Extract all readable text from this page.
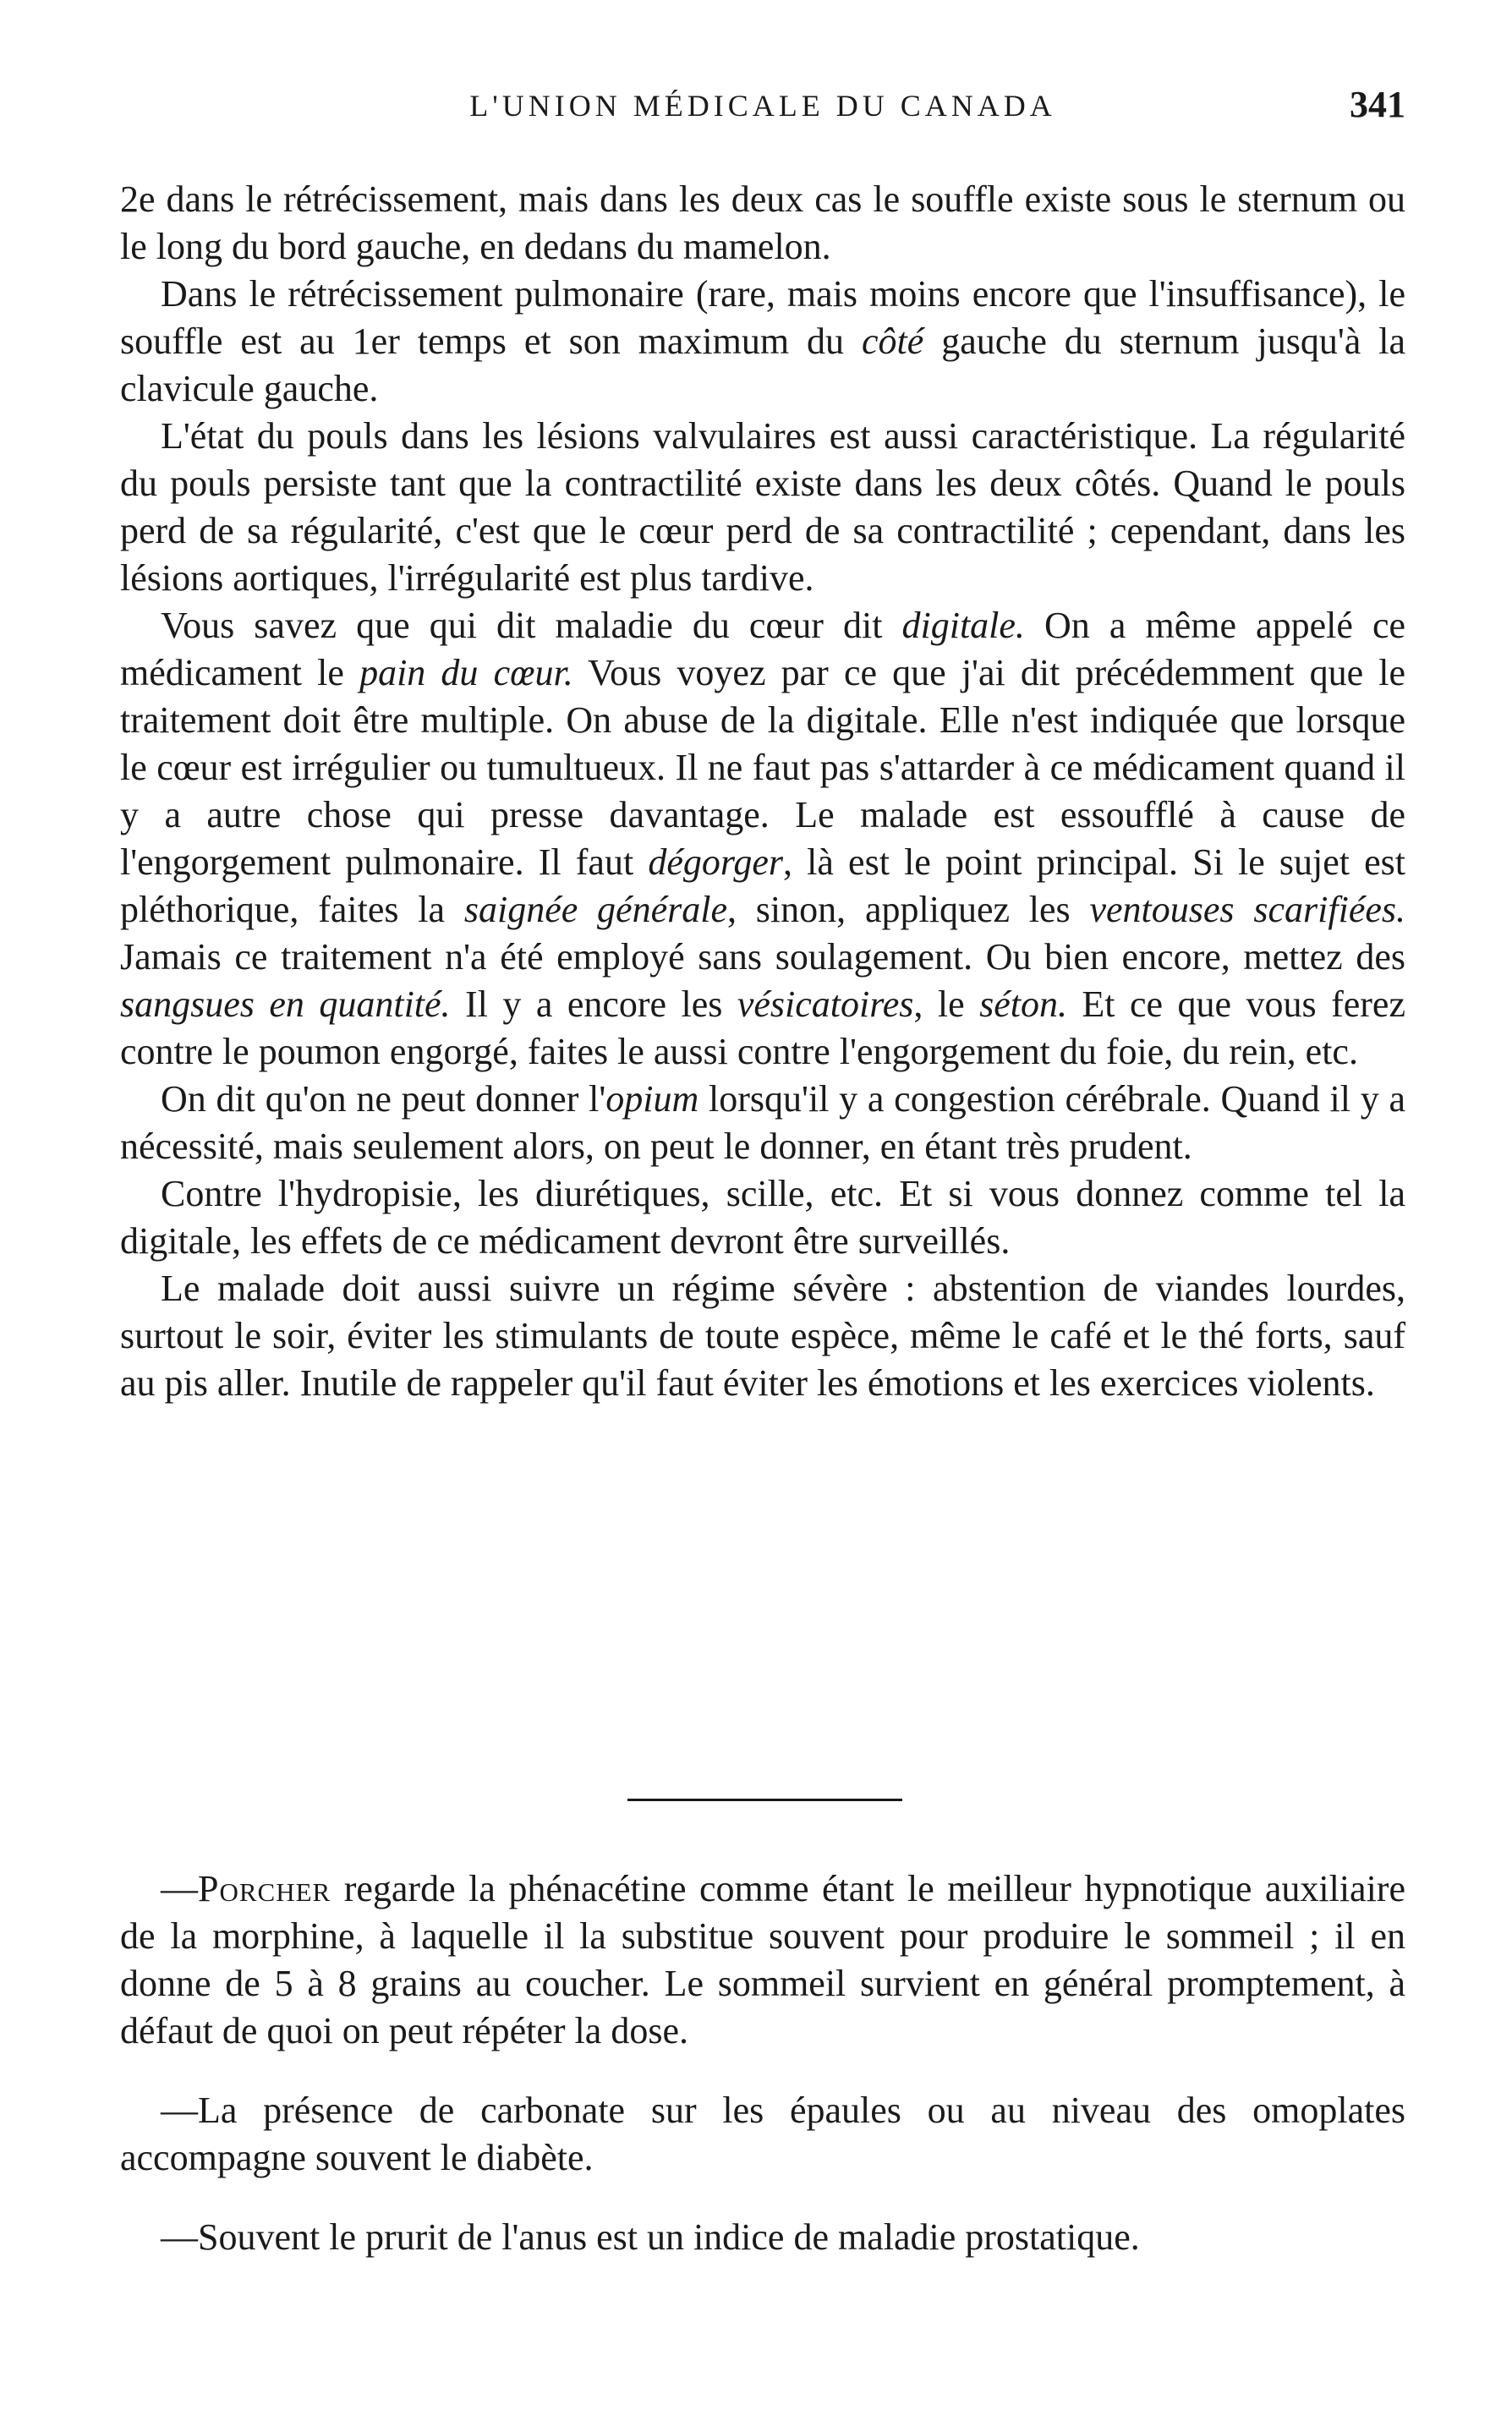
L'UNION MÉDICALE DU CANADA	341

2e dans le rétrécissement, mais dans les deux cas le souffle existe sous le sternum ou le long du bord gauche, en dedans du mamelon.

Dans le rétrécissement pulmonaire (rare, mais moins encore que l'insuffisance), le souffle est au 1er temps et son maximum du côté gauche du sternum jusqu'à la clavicule gauche.

L'état du pouls dans les lésions valvulaires est aussi caractéristique. La régularité du pouls persiste tant que la contractilité existe dans les deux côtés. Quand le pouls perd de sa régularité, c'est que le cœur perd de sa contractilité ; cependant, dans les lésions aortiques, l'irrégularité est plus tardive.

Vous savez que qui dit maladie du cœur dit digitale. On a même appelé ce médicament le pain du cœur. Vous voyez par ce que j'ai dit précédemment que le traitement doit être multiple. On abuse de la digitale. Elle n'est indiquée que lorsque le cœur est irrégulier ou tumultueux. Il ne faut pas s'attarder à ce médicament quand il y a autre chose qui presse davantage. Le malade est essoufflé à cause de l'engorgement pulmonaire. Il faut dégorger, là est le point principal. Si le sujet est pléthorique, faites la saignée générale, sinon, appliquez les ventouses scarifiées. Jamais ce traitement n'a été employé sans soulagement. Ou bien encore, mettez des sangsues en quantité. Il y a encore les vésicatoires, le séton. Et ce que vous ferez contre le poumon engorgé, faites le aussi contre l'engorgement du foie, du rein, etc.

On dit qu'on ne peut donner l'opium lorsqu'il y a congestion cérébrale. Quand il y a nécessité, mais seulement alors, on peut le donner, en étant très prudent.

Contre l'hydropisie, les diurétiques, scille, etc. Et si vous donnez comme tel la digitale, les effets de ce médicament devront être surveillés.

Le malade doit aussi suivre un régime sévère : abstention de viandes lourdes, surtout le soir, éviter les stimulants de toute espèce, même le café et le thé forts, sauf au pis aller. Inutile de rappeler qu'il faut éviter les émotions et les exercices violents.

—Porcher regarde la phénacétine comme étant le meilleur hypnotique auxiliaire de la morphine, à laquelle il la substitue souvent pour produire le sommeil ; il en donne de 5 à 8 grains au coucher. Le sommeil survient en général promptement, à défaut de quoi on peut répéter la dose.

—La présence de carbonate sur les épaules ou au niveau des omoplates accompagne souvent le diabète.

—Souvent le prurit de l'anus est un indice de maladie prostatique.
